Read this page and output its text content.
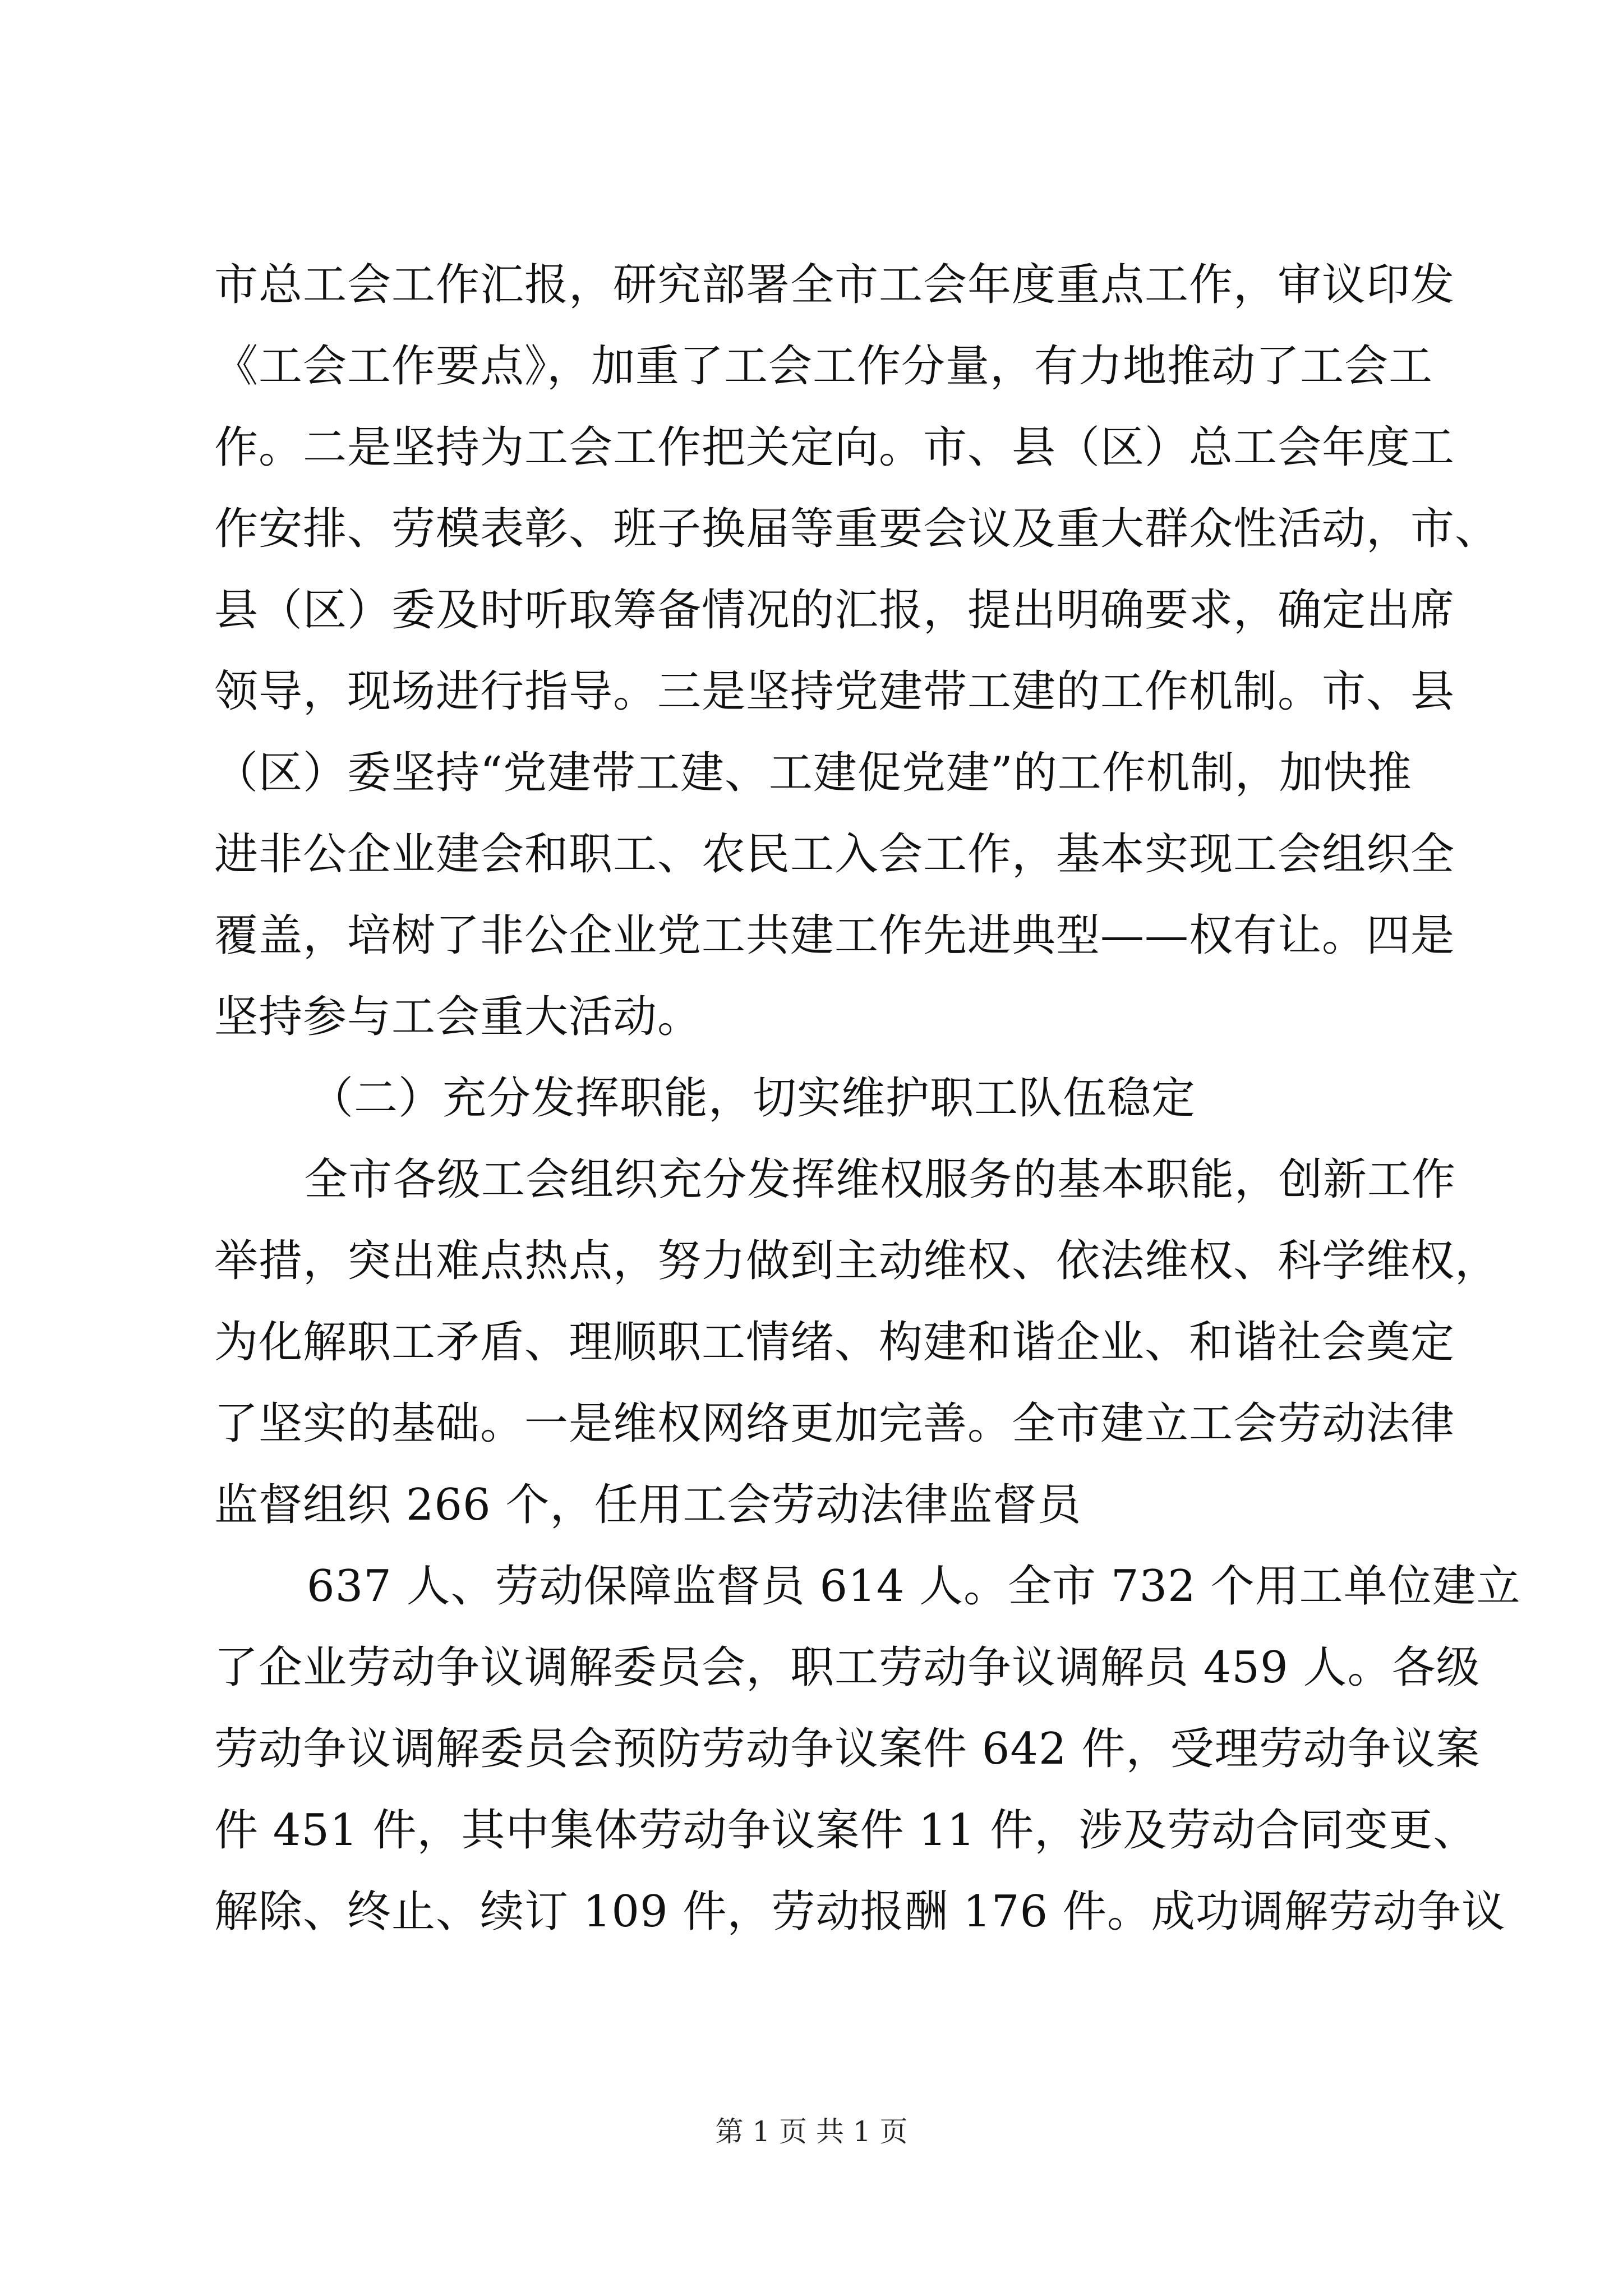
市总工会工作汇报，研究部署全市工会年度重点工作，审议印发
《工会工作要点》，加重了工会工作分量，有力地推动了工会工
作。二是坚持为工会工作把关定向。市、县（区）总工会年度工
作安排、劳模表彰、班子换届等重要会议及重大群众性活动，市、
县（区）委及时听取筹备情况的汇报，提出明确要求，确定出席
领导，现场进行指导。三是坚持党建带工建的工作机制。市、县
（区）委坚持“党建带工建、工建促党建”的工作机制，加快推
进非公企业建会和职工、农民工入会工作，基本实现工会组织全
覆盖，培树了非公企业党工共建工作先进典型——权有让。四是
坚持参与工会重大活动。
（二）充分发挥职能，切实维护职工队伍稳定
全市各级工会组织充分发挥维权服务的基本职能，创新工作
举措，突出难点热点，努力做到主动维权、依法维权、科学维权，
为化解职工矛盾、理顺职工情绪、构建和谐企业、和谐社会奠定
了坚实的基础。一是维权网络更加完善。全市建立工会劳动法律
监督组织 266 个，任用工会劳动法律监督员
637 人、劳动保障监督员 614 人。全市 732 个用工单位建立
了企业劳动争议调解委员会，职工劳动争议调解员 459 人。各级
劳动争议调解委员会预防劳动争议案件 642 件，受理劳动争议案
件 451 件，其中集体劳动争议案件 11 件，涉及劳动合同变更、
解除、终止、续订 109 件，劳动报酬 176 件。成功调解劳动争议
第 1 页 共 1 页
